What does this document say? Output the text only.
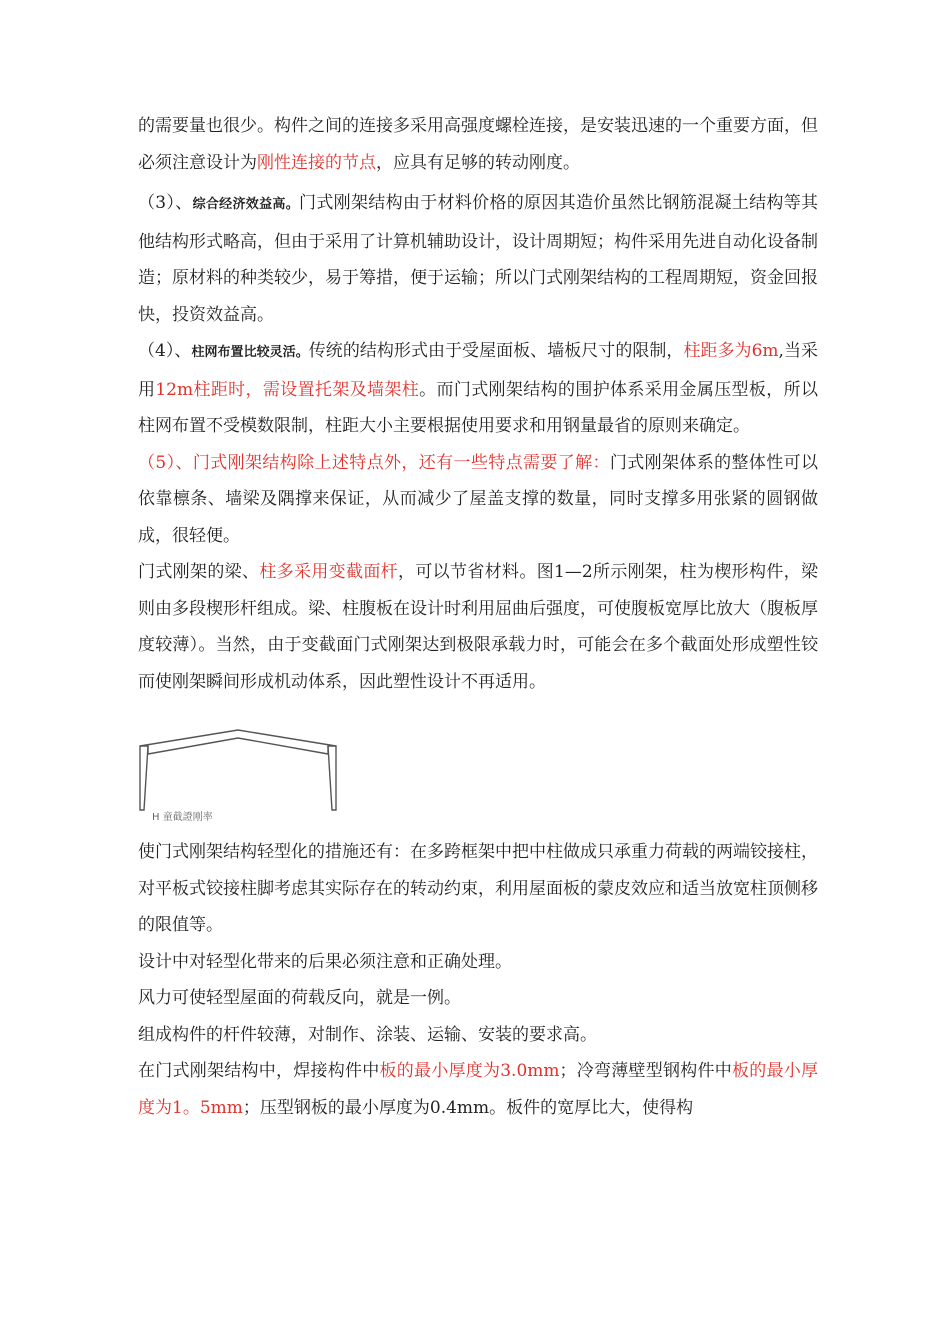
的需要量也很少。构件之间的连接多采用高强度螺栓连接，是安装迅速的一个重要方面，但必须注意设计为刚性连接的节点，应具有足够的转动刚度。

（3）、综合经济效益高。门式刚架结构由于材料价格的原因其造价虽然比钢筋混凝土结构等其他结构形式略高，但由于采用了计算机辅助设计，设计周期短；构件采用先进自动化设备制造；原材料的种类较少，易于筹措，便于运输；所以门式刚架结构的工程周期短，资金回报快，投资效益高。

（4）、柱网布置比较灵活。传统的结构形式由于受屋面板、墙板尺寸的限制，柱距多为6m,当采用12m柱距时，需设置托架及墙架柱。而门式刚架结构的围护体系采用金属压型板，所以柱网布置不受模数限制，柱距大小主要根据使用要求和用钢量最省的原则来确定。

（5）、门式刚架结构除上述特点外，还有一些特点需要了解：门式刚架体系的整体性可以依靠檩条、墙梁及隅撑来保证，从而减少了屋盖支撑的数量，同时支撑多用张紧的圆钢做成，很轻便。

门式刚架的梁、柱多采用变截面杆，可以节省材料。图1—2所示刚架，柱为楔形构件，梁则由多段楔形杆组成。梁、柱腹板在设计时利用屈曲后强度，可使腹板宽厚比放大（腹板厚度较薄）。当然，由于变截面门式刚架达到极限承载力时，可能会在多个截面处形成塑性铰而使刚架瞬间形成机动体系，因此塑性设计不再适用。

H 童截證刚率

使门式刚架结构轻型化的措施还有：在多跨框架中把中柱做成只承重力荷载的两端铰接柱，对平板式铰接柱脚考虑其实际存在的转动约束，利用屋面板的蒙皮效应和适当放宽柱顶侧移的限值等。

设计中对轻型化带来的后果必须注意和正确处理。

风力可使轻型屋面的荷载反向，就是一例。

组成构件的杆件较薄，对制作、涂装、运输、安装的要求高。

在门式刚架结构中，焊接构件中板的最小厚度为3.0mm；冷弯薄壁型钢构件中板的最小厚度为1。5mm；压型钢板的最小厚度为0.4mm。板件的宽厚比大，使得构
